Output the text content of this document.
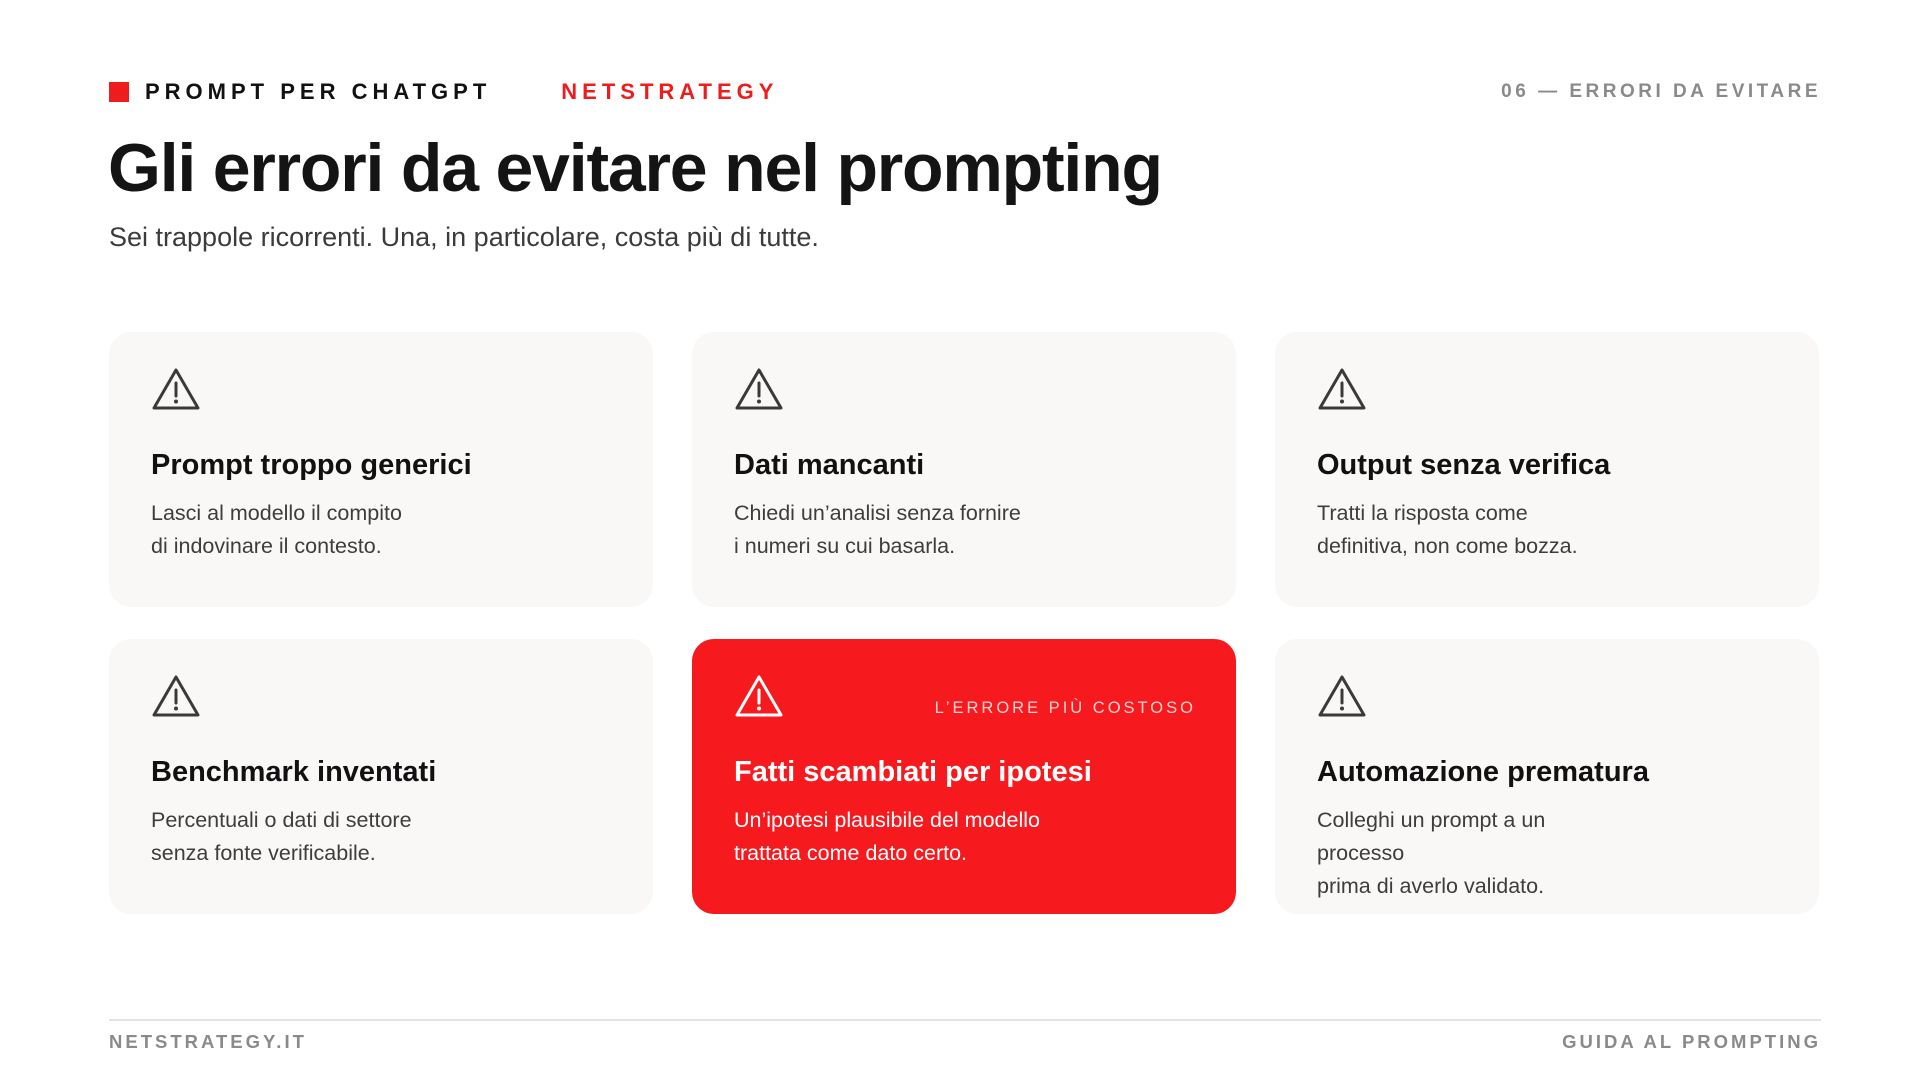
PROMPT PER CHATGPT	NETSTRATEGY	06 — ERRORI DA EVITARE
Gli errori da evitare nel prompting

Sei trappole ricorrenti. Una, in particolare, costa più di tutte.

Prompt troppo generici

Lasci al modello il compito
di indovinare il contesto.

Dati mancanti

Chiedi un’analisi senza fornire
i numeri su cui basarla.

Output senza verifica

Tratti la risposta come
definitiva, non come bozza.

Benchmark inventati

Percentuali o dati di settore
senza fonte verificabile.

L’ERRORE PIÙ COSTOSO
Fatti scambiati per ipotesi

Un’ipotesi plausibile del modello
trattata come dato certo.

Automazione prematura

Colleghi un prompt a un processo
prima di averlo validato.

NETSTRATEGY.IT	GUIDA AL PROMPTING
